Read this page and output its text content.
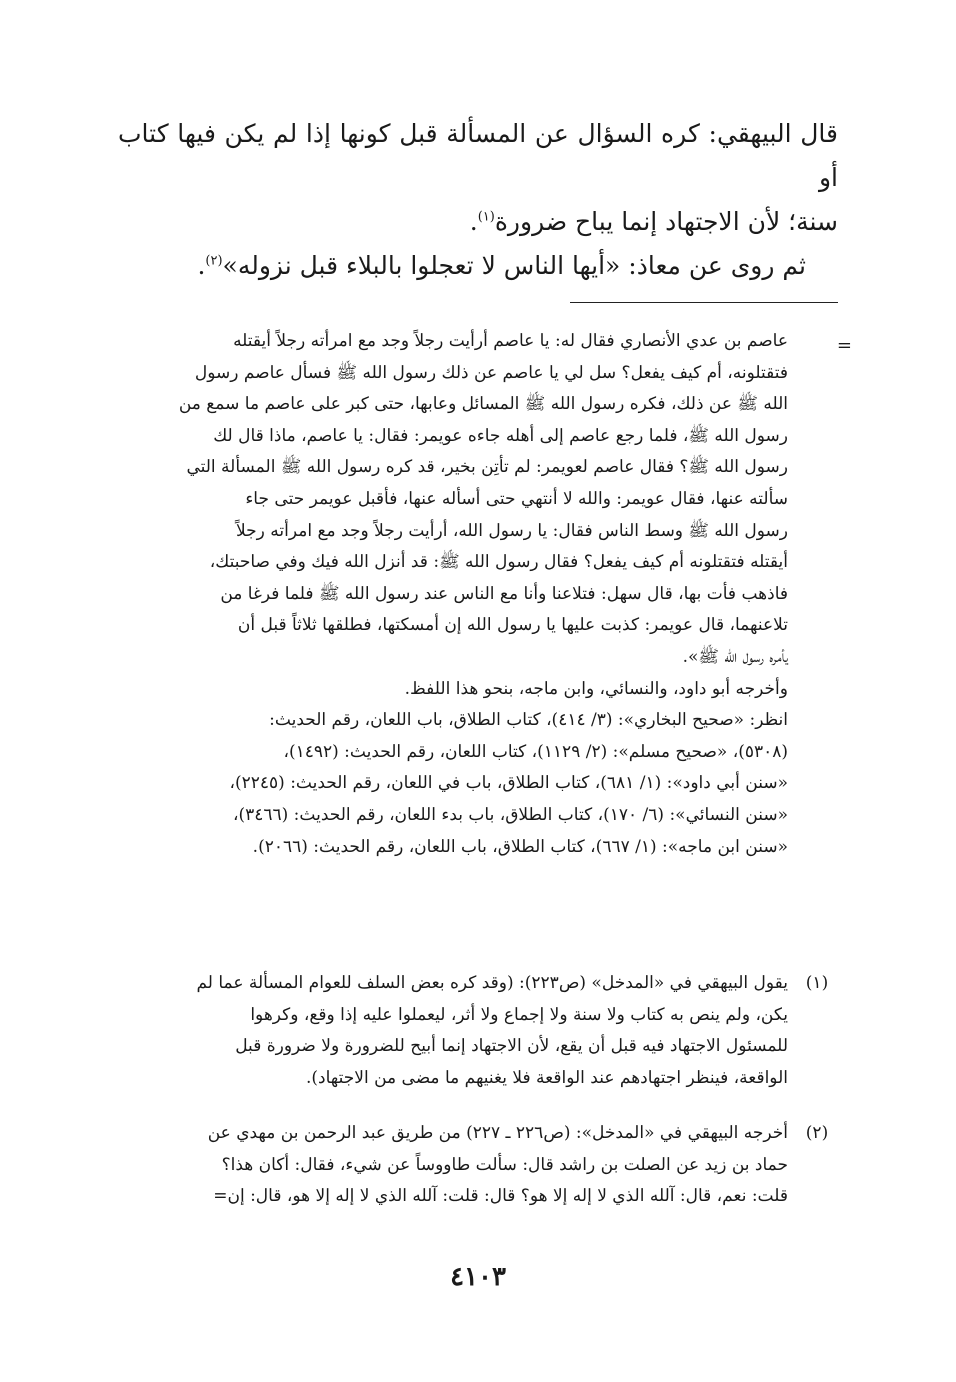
قال البيهقي: كره السؤال عن المسألة قبل كونها إذا لم يكن فيها كتاب أو

سنة؛ لأن الاجتهاد إنما يباح ضرورة$^{(١)}$.

ثم روى عن معاذ: «أيها الناس لا تعجلوا بالبلاء قبل نزوله»$^{(٢)}$.

=

عاصم بن عدي الأنصاري فقال له: يا عاصم أرأيت رجلاً وجد مع امرأته رجلاً أيقتله

فتقتلونه، أم كيف يفعل؟ سل لي يا عاصم عن ذلك رسول الله ﷺ فسأل عاصم رسول

الله ﷺ عن ذلك، فكره رسول الله ﷺ المسائل وعابها، حتى كبر على عاصم ما سمع من

رسول الله ﷺ، فلما رجع عاصم إلى أهله جاءه عويمر: فقال: يا عاصم، ماذا قال لك

رسول الله ﷺ؟ فقال عاصم لعويمر: لم تأتِن بخير، قد كره رسول الله ﷺ المسألة التي

سألته عنها، فقال عويمر: والله لا أنتهي حتى أسأله عنها، فأقبل عويمر حتى جاء

رسول الله ﷺ وسط الناس فقال: يا رسول الله، أرأيت رجلاً وجد مع امرأته رجلاً

أيقتله فتقتلونه أم كيف يفعل؟ فقال رسول الله ﷺ: قد أنزل الله فيك وفي صاحبتك،

فاذهب فأت بها، قال سهل: فتلاعنا وأنا مع الناس عند رسول الله ﷺ فلما فرغا من

تلاعنهما، قال عويمر: كذبت عليها يا رسول الله إن أمسكتها، فطلقها ثلاثاً قبل أن

يأمره رسول الله ﷺ».

وأخرجه أبو داود، والنسائي، وابن ماجه، بنحو هذا اللفظ.

انظر: «صحيح البخاري»: (٣/ ٤١٤)، كتاب الطلاق، باب اللعان، رقم الحديث:

(٥٣٠٨)، «صحيح مسلم»: (٢/ ١١٢٩)، كتاب اللعان، رقم الحديث: (١٤٩٢)،

«سنن أبي داود»: (١/ ٦٨١)، كتاب الطلاق، باب في اللعان، رقم الحديث: (٢٢٤٥)،

«سنن النسائي»: (٦/ ١٧٠)، كتاب الطلاق، باب بدء اللعان، رقم الحديث: (٣٤٦٦)،

«سنن ابن ماجه»: (١/ ٦٦٧)، كتاب الطلاق، باب اللعان، رقم الحديث: (٢٠٦٦).

(١)

يقول البيهقي في «المدخل» (ص٢٢٣): (وقد كره بعض السلف للعوام المسألة عما لم

يكن، ولم ينص به كتاب ولا سنة ولا إجماع ولا أثر، ليعملوا عليه إذا وقع، وكرهوا

للمسئول الاجتهاد فيه قبل أن يقع، لأن الاجتهاد إنما أبيح للضرورة ولا ضرورة قبل

الواقعة، فينظر اجتهادهم عند الواقعة فلا يغنيهم ما مضى من الاجتهاد).

(٢)

أخرجه البيهقي في «المدخل»: (ص٢٢٦ ـ ٢٢٧) من طريق عبد الرحمن بن مهدي عن

حماد بن زيد عن الصلت بن راشد قال: سألت طاووساً عن شيء، فقال: أكان هذا؟

قلت: نعم، قال: آلله الذي لا إله إلا هو؟ قال: قلت: آلله الذي لا إله إلا هو، قال: إن=

٤١٠٣
